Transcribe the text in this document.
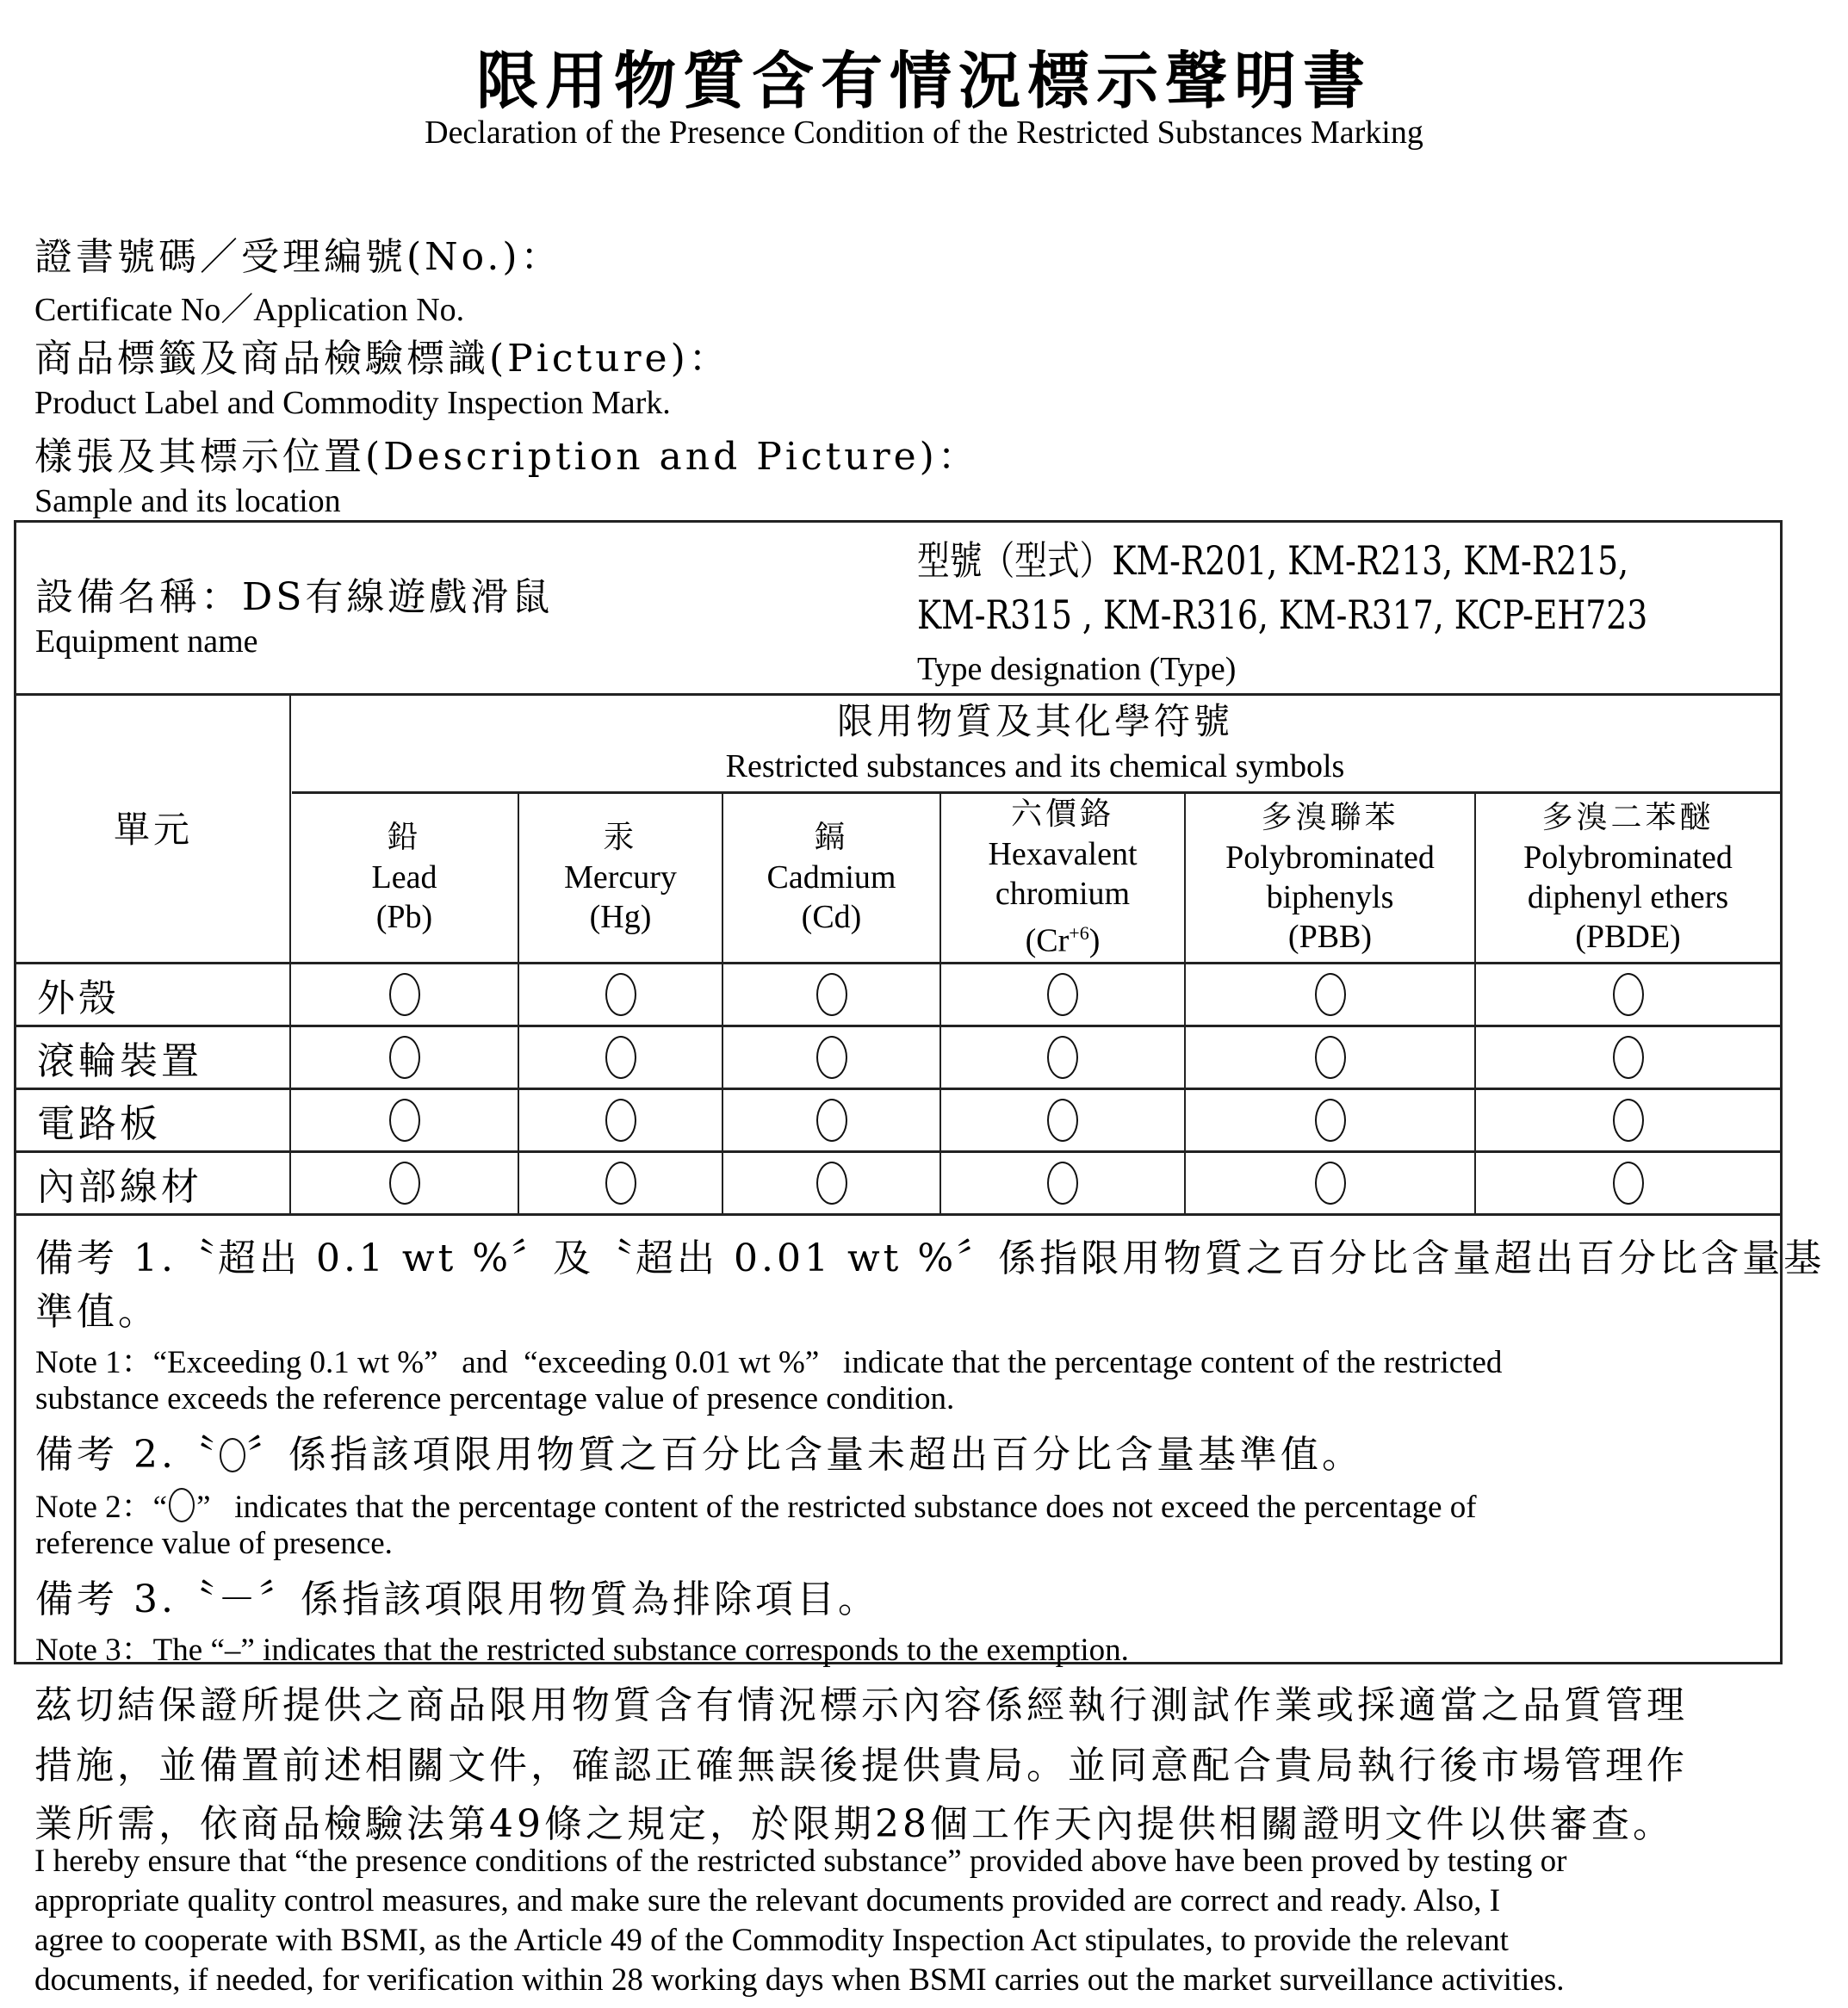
限用物質含有情況標示聲明書
Declaration of the Presence Condition of the Restricted Substances Marking
證書號碼／受理編號(No.)：
Certificate No／Application No.
商品標籤及商品檢驗標識(Picture)：
Product Label and Commodity Inspection Mark.
樣張及其標示位置(Description and Picture)：
Sample and its location
設備名稱：DS有線遊戲滑鼠
Equipment name
型號（型式）KM-R201, KM-R213, KM-R215,
KM-R315 , KM-R316, KM-R317, KCP-EH723
Type designation (Type)
單元
限用物質及其化學符號
Restricted substances and its chemical symbols
鉛
Lead
(Pb)
汞
Mercury
(Hg)
鎘
Cadmium
(Cd)
六價鉻
Hexavalent
chromium
$(Cr^{+6})$
多溴聯苯
Polybrominated
biphenyls
(PBB)
多溴二苯醚
Polybrominated
diphenyl ethers
(PBDE)
外殼
滾輪裝置
電路板
內部線材
備考 1.〝超出 0.1 wt %〞及〝超出 0.01 wt %〞係指限用物質之百分比含量超出百分比含量基
準值。
Note 1：“Exceeding 0.1 wt %”   and  “exceeding 0.01 wt %”   indicate that the percentage content of the restricted
substance exceeds the reference percentage value of presence condition.
備考 2.〝 ○ 〞係指該項限用物質之百分比含量未超出百分比含量基準值。
Note 2：“ ○ ”   indicates that the percentage content of the restricted substance does not exceed the percentage of
reference value of presence.
備考 3.〝－〞係指該項限用物質為排除項目。
Note 3：The “–” indicates that the restricted substance corresponds to the exemption.
茲切結保證所提供之商品限用物質含有情況標示內容係經執行測試作業或採適當之品質管理
措施，並備置前述相關文件，確認正確無誤後提供貴局。並同意配合貴局執行後市場管理作
業所需，依商品檢驗法第49條之規定，於限期28個工作天內提供相關證明文件以供審查。
I hereby ensure that “the presence conditions of the restricted substance” provided above have been proved by testing or
appropriate quality control measures, and make sure the relevant documents provided are correct and ready. Also, I
agree to cooperate with BSMI, as the Article 49 of the Commodity Inspection Act stipulates, to provide the relevant
documents, if needed, for verification within 28 working days when BSMI carries out the market surveillance activities.
